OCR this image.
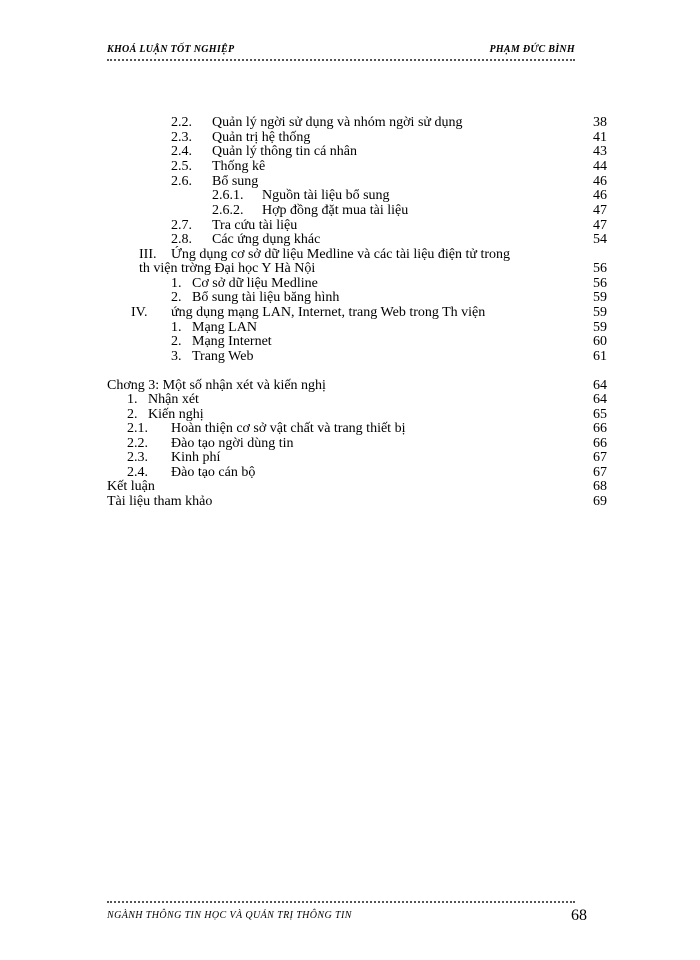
KHOÁ LUẬN TỐT NGHIỆP	PHẠM ĐỨC BÌNH
2.2. Quản lý ngời sử dụng và nhóm ngời sử dụng	38
2.3. Quản trị hệ thống	41
2.4. Quản lý thông tin cá nhân	43
2.5. Thống kê	44
2.6. Bổ sung	46
2.6.1. Nguồn tài liệu bổ sung	46
2.6.2. Hợp đồng đặt mua tài liệu	47
2.7. Tra cứu tài liệu	47
2.8. Các ứng dụng khác	54
III. Ứng dụng cơ sở dữ liệu Medline và các tài liệu điện tử trong
th viện trờng Đại học Y Hà Nội	56
1. Cơ sở dữ liệu Medline	56
2. Bổ sung tài liệu băng hình	59
IV. ứng dụng mạng LAN, Internet, trang Web trong Th viện	59
1. Mạng LAN	59
2. Mạng Internet	60
3. Trang Web	61
Chơng 3: Một số nhận xét và kiến nghị	64
1. Nhận xét	64
2. Kiến nghị	65
2.1. Hoàn thiện cơ sở vật chất và trang thiết bị	66
2.2. Đào tạo ngời dùng tin	66
2.3. Kinh phí	67
2.4. Đào tạo cán bộ	67
Kết luận	68
Tài liệu tham khảo	69
NGÀNH THÔNG TIN HỌC VÀ QUẢN TRỊ THÔNG TIN	68
